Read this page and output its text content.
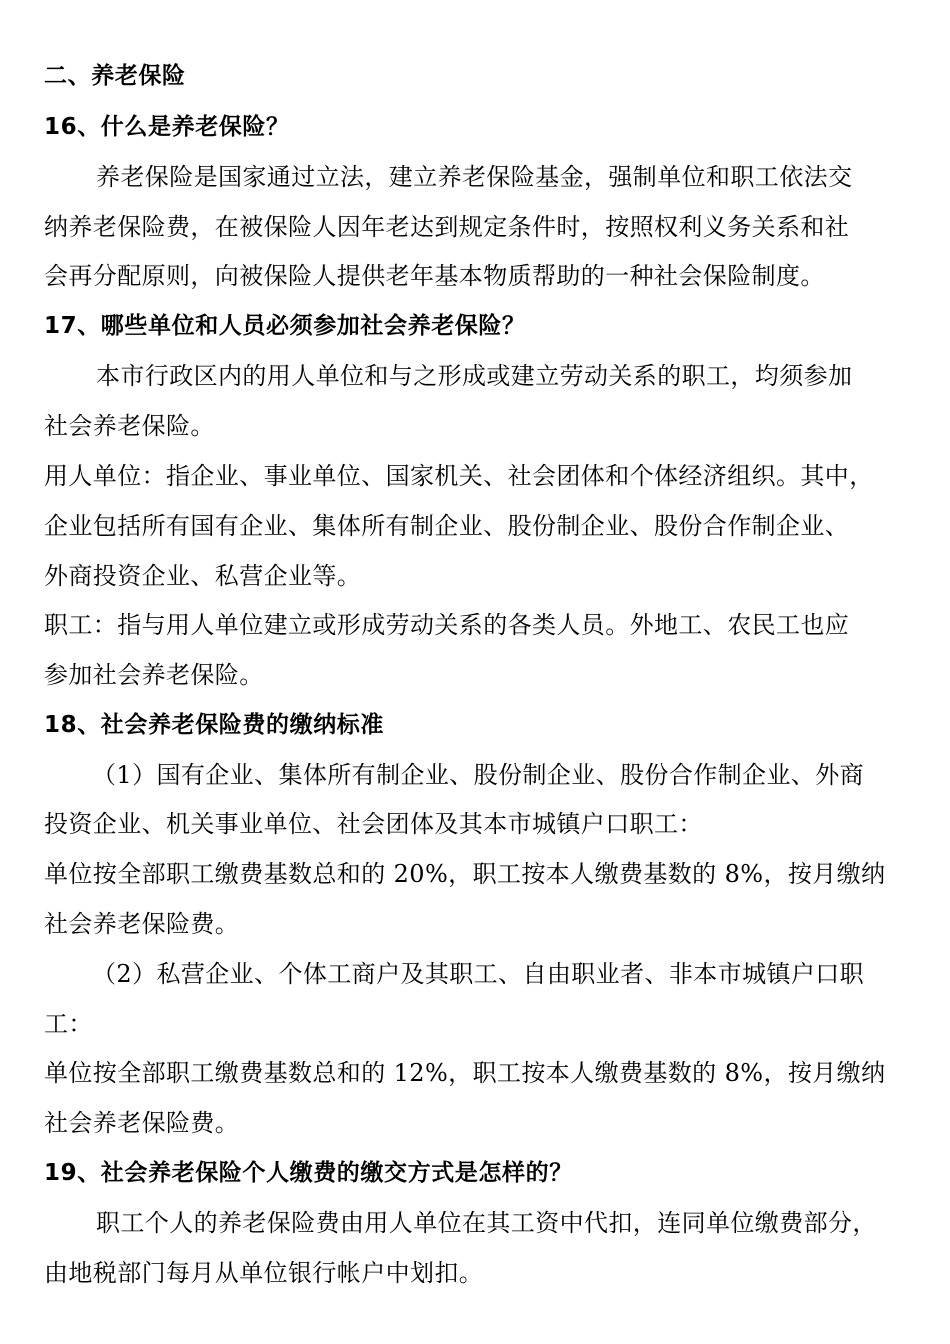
二、养老保险
16、什么是养老保险？
养老保险是国家通过立法，建立养老保险基金，强制单位和职工依法交
纳养老保险费，在被保险人因年老达到规定条件时，按照权利义务关系和社
会再分配原则，向被保险人提供老年基本物质帮助的一种社会保险制度。
17、哪些单位和人员必须参加社会养老保险？
本市行政区内的用人单位和与之形成或建立劳动关系的职工，均须参加
社会养老保险。
用人单位：指企业、事业单位、国家机关、社会团体和个体经济组织。其中，
企业包括所有国有企业、集体所有制企业、股份制企业、股份合作制企业、
外商投资企业、私营企业等。
职工：指与用人单位建立或形成劳动关系的各类人员。外地工、农民工也应
参加社会养老保险。
18、社会养老保险费的缴纳标准
（1）国有企业、集体所有制企业、股份制企业、股份合作制企业、外商
投资企业、机关事业单位、社会团体及其本市城镇户口职工：
单位按全部职工缴费基数总和的 20%，职工按本人缴费基数的 8%，按月缴纳
社会养老保险费。
（2）私营企业、个体工商户及其职工、自由职业者、非本市城镇户口职
工：
单位按全部职工缴费基数总和的 12%，职工按本人缴费基数的 8%，按月缴纳
社会养老保险费。
19、社会养老保险个人缴费的缴交方式是怎样的？
职工个人的养老保险费由用人单位在其工资中代扣，连同单位缴费部分，
由地税部门每月从单位银行帐户中划扣。
